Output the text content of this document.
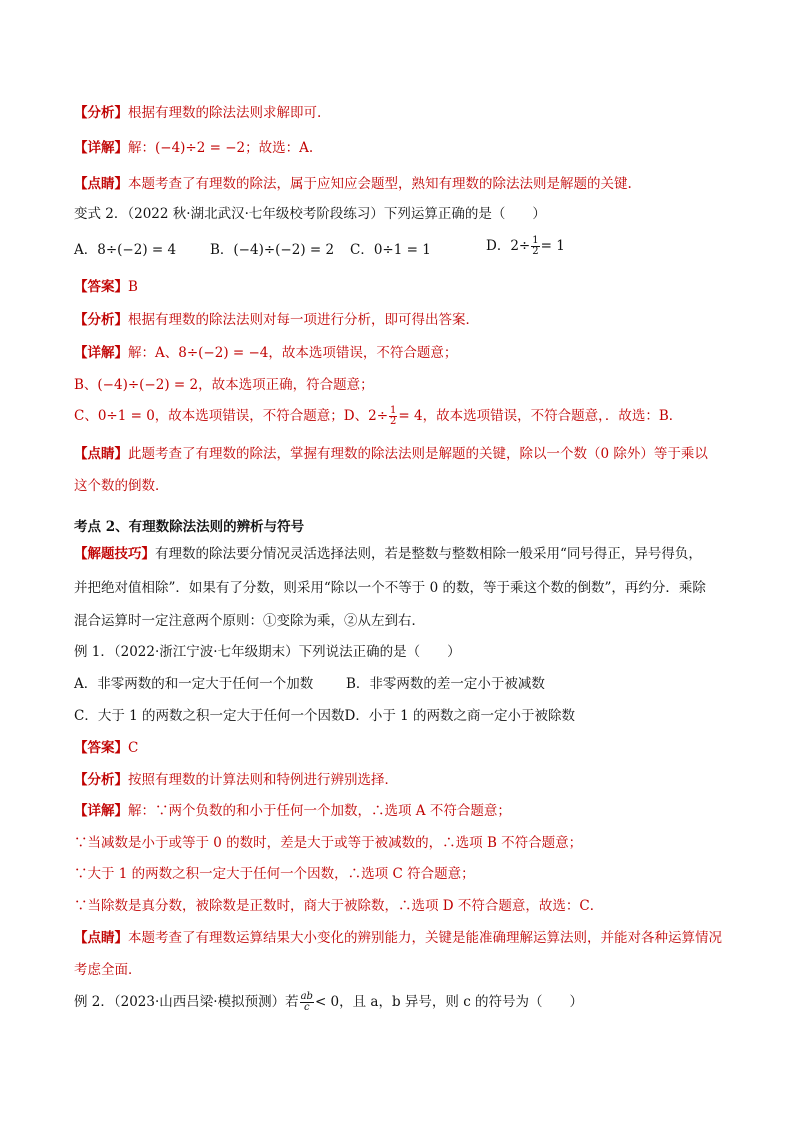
【分析】根据有理数的除法法则求解即可.
【详解】解：(−4)÷2 = −2；故选：A.
【点睛】本题考查了有理数的除法，属于应知应会题型，熟知有理数的除法法则是解题的关键.
变式 2．（2022 秋·湖北武汉·七年级校考阶段练习）下列运算正确的是（　　）
A．8÷(−2) = 4	B．(−4)÷(−2) = 2 C．0÷1 = 1	D．$2\div \frac{1}{2} = 1$
【答案】B
【分析】根据有理数的除法法则对每一项进行分析，即可得出答案．
【详解】解：A、8÷(−2) = −4，故本选项错误，不符合题意；
B、(−4)÷(−2) = 2，故本选项正确，符合题意；
C、0÷1 = 0，故本选项错误，不符合题意；D、$2\div \frac{1}{2} = 4$，故本选项错误，不符合题意，．故选：B．
【点睛】此题考查了有理数的除法，掌握有理数的除法法则是解题的关键，除以一个数（0 除外）等于乘以
这个数的倒数．
考点 2、有理数除法法则的辨析与符号
【解题技巧】有理数的除法要分情况灵活选择法则，若是整数与整数相除一般采用“同号得正，异号得负，
并把绝对值相除”．如果有了分数，则采用“除以一个不等于 0 的数，等于乘这个数的倒数”，再约分．乘除
混合运算时一定注意两个原则：①变除为乘，②从左到右．
例 1．（2022·浙江宁波·七年级期末）下列说法正确的是（　　）
A．非零两数的和一定大于任何一个加数 B．非零两数的差一定小于被减数
C．大于 1 的两数之积一定大于任何一个因数D．小于 1 的两数之商一定小于被除数
【答案】C
【分析】按照有理数的计算法则和特例进行辨别选择．
【详解】解：∵两个负数的和小于任何一个加数，∴选项 A 不符合题意；
∵当减数是小于或等于 0 的数时，差是大于或等于被减数的，∴选项 B 不符合题意；
∵大于 1 的两数之积一定大于任何一个因数，∴选项 C 符合题意；
∵当除数是真分数，被除数是正数时，商大于被除数，∴选项 D 不符合题意，故选：C．
【点睛】本题考查了有理数运算结果大小变化的辨别能力，关键是能准确理解运算法则，并能对各种运算情况
考虑全面．
例 2．（2023·山西吕梁·模拟预测）若 $\frac{ab}{c} < 0$，且 a，b 异号，则 c 的符号为（　　）
